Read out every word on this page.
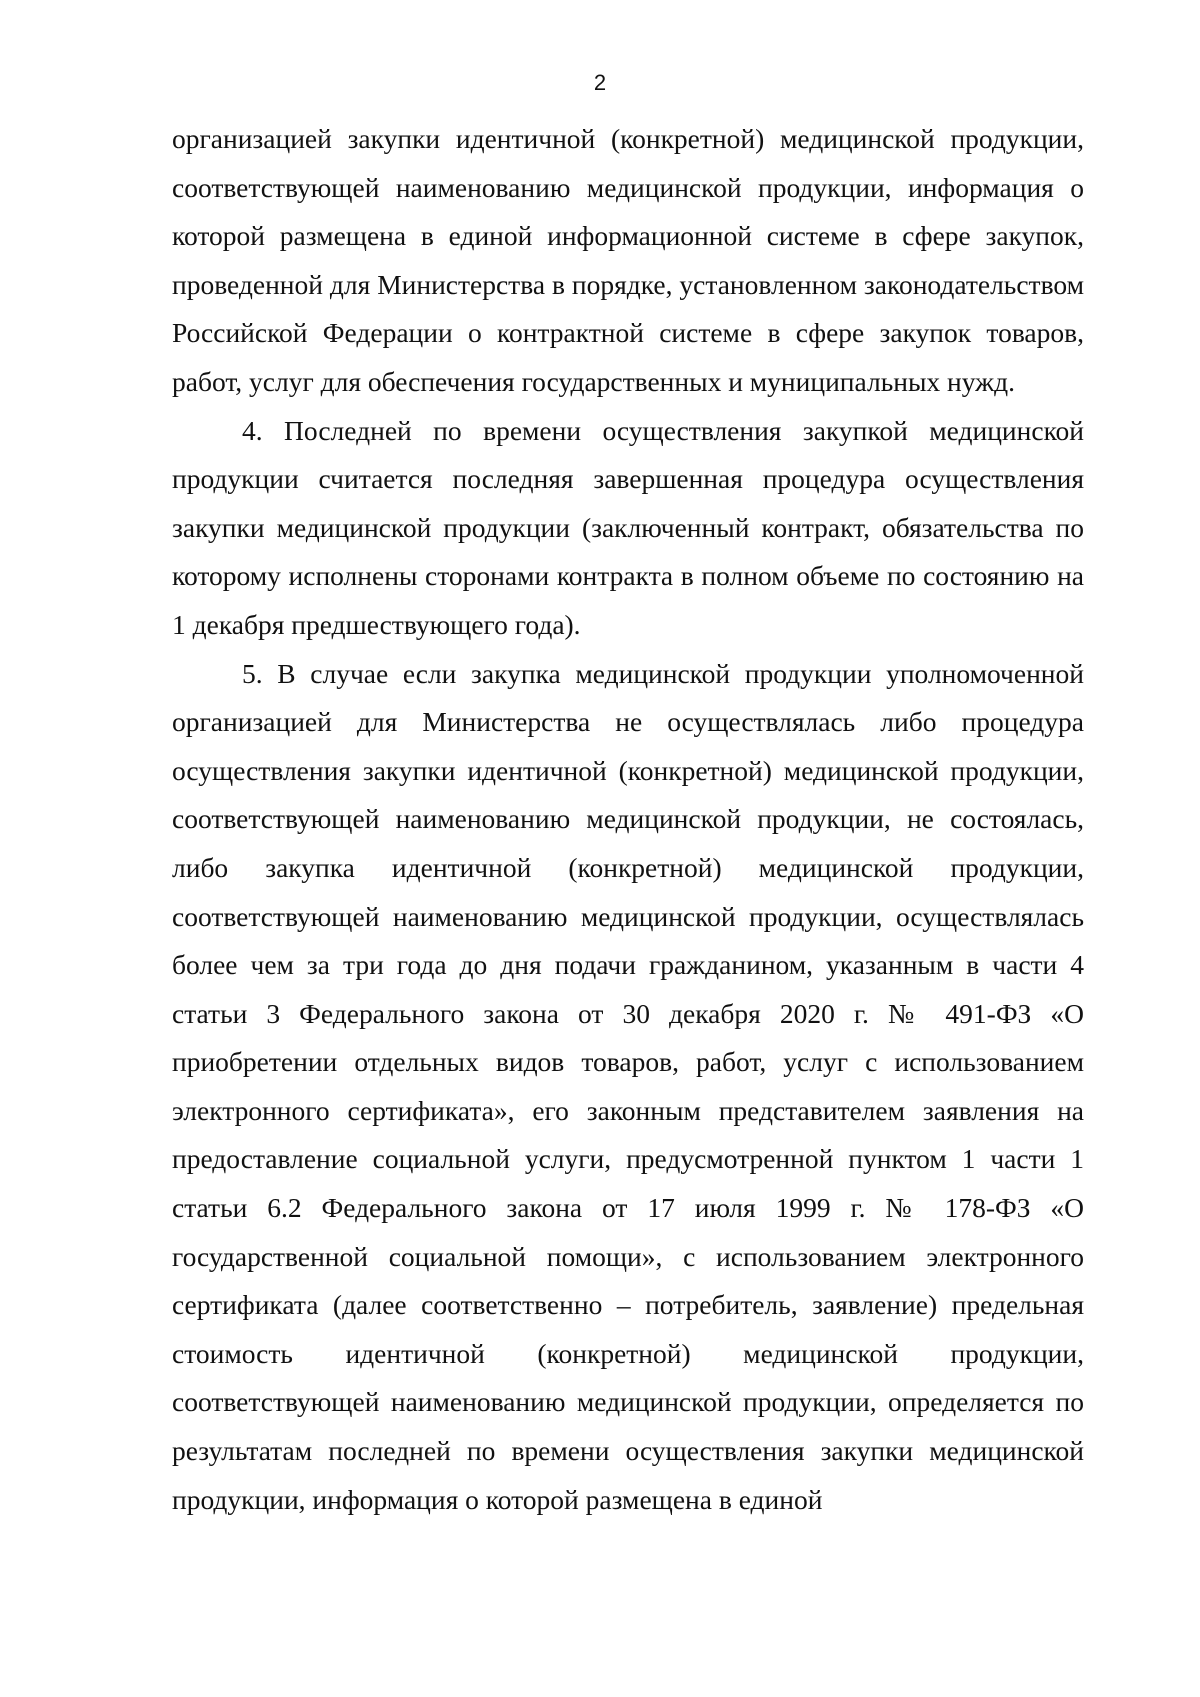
2

организацией закупки идентичной (конкретной) медицинской продукции, соответствующей наименованию медицинской продукции, информация о которой размещена в единой информационной системе в сфере закупок, проведенной для Министерства в порядке, установленном законодательством Российской Федерации о контрактной системе в сфере закупок товаров, работ, услуг для обеспечения государственных и муниципальных нужд.

4. Последней по времени осуществления закупкой медицинской продукции считается последняя завершенная процедура осуществления закупки медицинской продукции (заключенный контракт, обязательства по которому исполнены сторонами контракта в полном объеме по состоянию на 1 декабря предшествующего года).

5. В случае если закупка медицинской продукции уполномоченной организацией для Министерства не осуществлялась либо процедура осуществления закупки идентичной (конкретной) медицинской продукции, соответствующей наименованию медицинской продукции, не состоялась, либо закупка идентичной (конкретной) медицинской продукции, соответствующей наименованию медицинской продукции, осуществлялась более чем за три года до дня подачи гражданином, указанным в части 4 статьи 3 Федерального закона от 30 декабря 2020 г. № 491-ФЗ «О приобретении отдельных видов товаров, работ, услуг с использованием электронного сертификата», его законным представителем заявления на предоставление социальной услуги, предусмотренной пунктом 1 части 1 статьи 6.2 Федерального закона от 17 июля 1999 г. № 178-ФЗ «О государственной социальной помощи», с использованием электронного сертификата (далее соответственно – потребитель, заявление) предельная стоимость идентичной (конкретной) медицинской продукции, соответствующей наименованию медицинской продукции, определяется по результатам последней по времени осуществления закупки медицинской продукции, информация о которой размещена в единой
